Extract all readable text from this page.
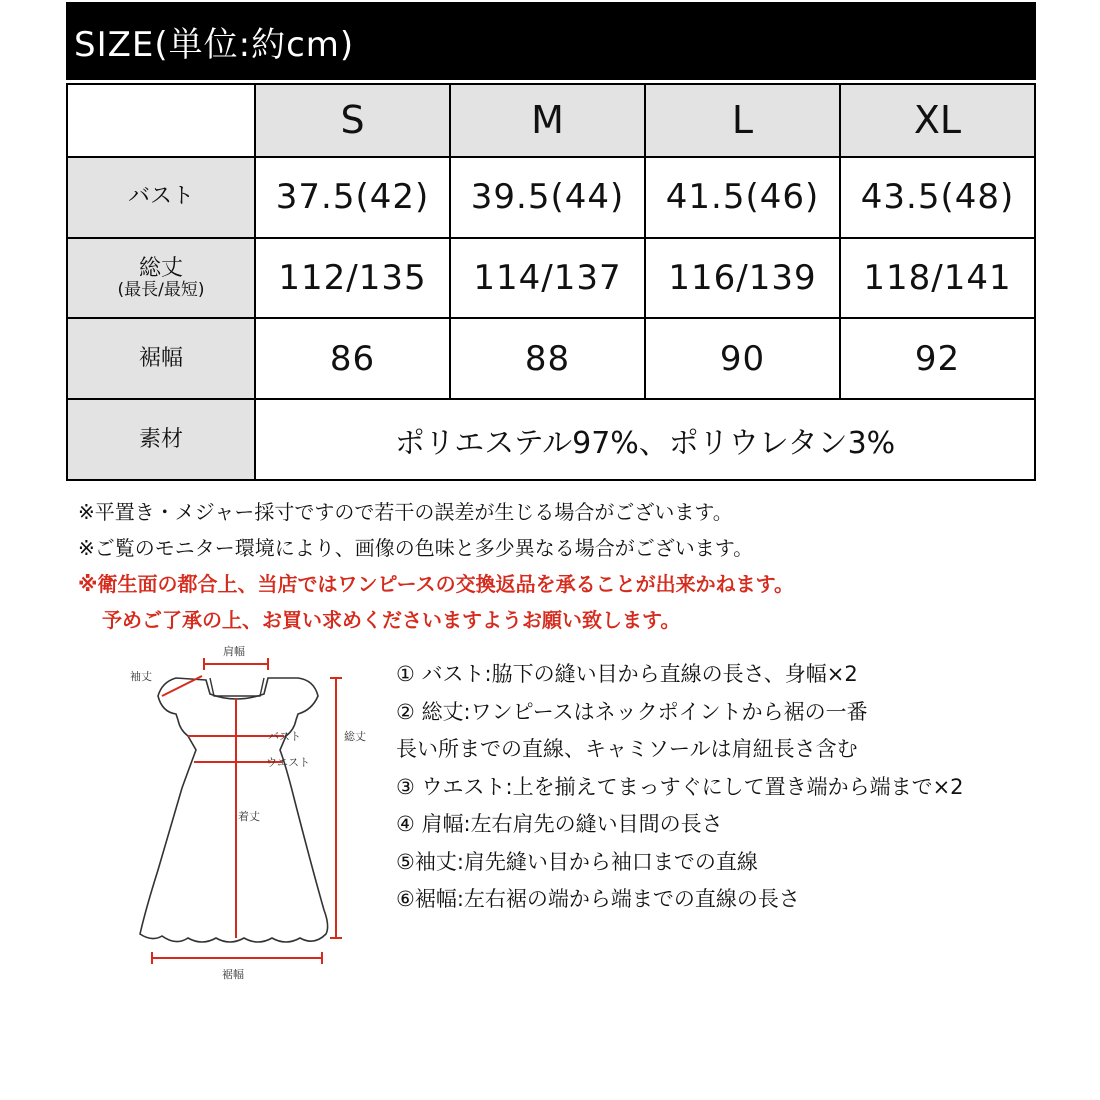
SIZE(単位:約cm)
	S	M	L	XL
バスト	37.5(42)	39.5(44)	41.5(46)	43.5(48)
総丈
(最長/最短)	112/135	114/137	116/139	118/141
裾幅	86	88	90	92
素材	ポリエステル97%、ポリウレタン3%			
※平置き・メジャー採寸ですので若干の誤差が生じる場合がございます。
※ご覧のモニター環境により、画像の色味と多少異なる場合がございます。
※衛生面の都合上、当店ではワンピースの交換返品を承ることが出来かねます。
予めご了承の上、お買い求めくださいますようお願い致します。
肩幅
袖丈
バスト
ウエスト
着丈
総丈
裾幅
① バスト:脇下の縫い目から直線の長さ、身幅×2
② 総丈:ワンピースはネックポイントから裾の一番
長い所までの直線、キャミソールは肩紐長さ含む
③ ウエスト:上を揃えてまっすぐにして置き端から端まで×2
④ 肩幅:左右肩先の縫い目間の長さ
⑤袖丈:肩先縫い目から袖口までの直線
⑥裾幅:左右裾の端から端までの直線の長さ
